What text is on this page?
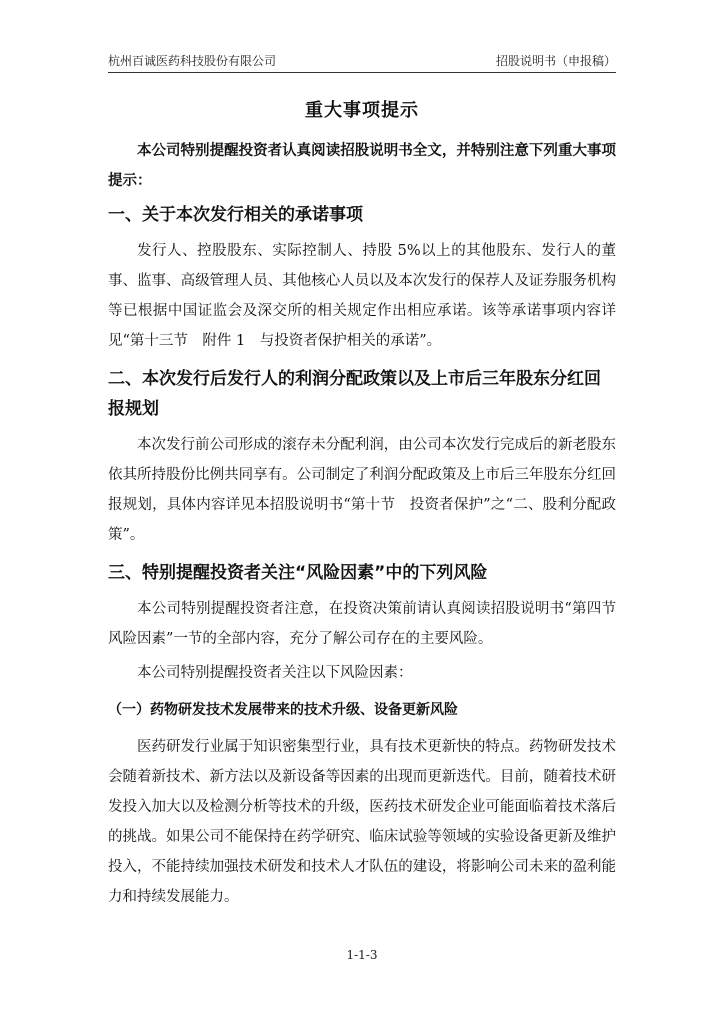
杭州百诚医药科技股份有限公司	招股说明书（申报稿）
重大事项提示
本公司特别提醒投资者认真阅读招股说明书全文，并特别注意下列重大事项提示：
一、关于本次发行相关的承诺事项
发行人、控股股东、实际控制人、持股 5%以上的其他股东、发行人的董事、监事、高级管理人员、其他核心人员以及本次发行的保荐人及证券服务机构等已根据中国证监会及深交所的相关规定作出相应承诺。该等承诺事项内容详见“第十三节　附件 1　与投资者保护相关的承诺”。
二、本次发行后发行人的利润分配政策以及上市后三年股东分红回报规划
本次发行前公司形成的滚存未分配利润，由公司本次发行完成后的新老股东依其所持股份比例共同享有。公司制定了利润分配政策及上市后三年股东分红回报规划，具体内容详见本招股说明书“第十节　投资者保护”之“二、股利分配政策”。
三、特别提醒投资者关注“风险因素”中的下列风险
本公司特别提醒投资者注意，在投资决策前请认真阅读招股说明书“第四节　风险因素”一节的全部内容，充分了解公司存在的主要风险。
本公司特别提醒投资者关注以下风险因素：
（一）药物研发技术发展带来的技术升级、设备更新风险
医药研发行业属于知识密集型行业，具有技术更新快的特点。药物研发技术会随着新技术、新方法以及新设备等因素的出现而更新迭代。目前，随着技术研发投入加大以及检测分析等技术的升级，医药技术研发企业可能面临着技术落后的挑战。如果公司不能保持在药学研究、临床试验等领域的实验设备更新及维护投入，不能持续加强技术研发和技术人才队伍的建设，将影响公司未来的盈利能力和持续发展能力。
1-1-3
